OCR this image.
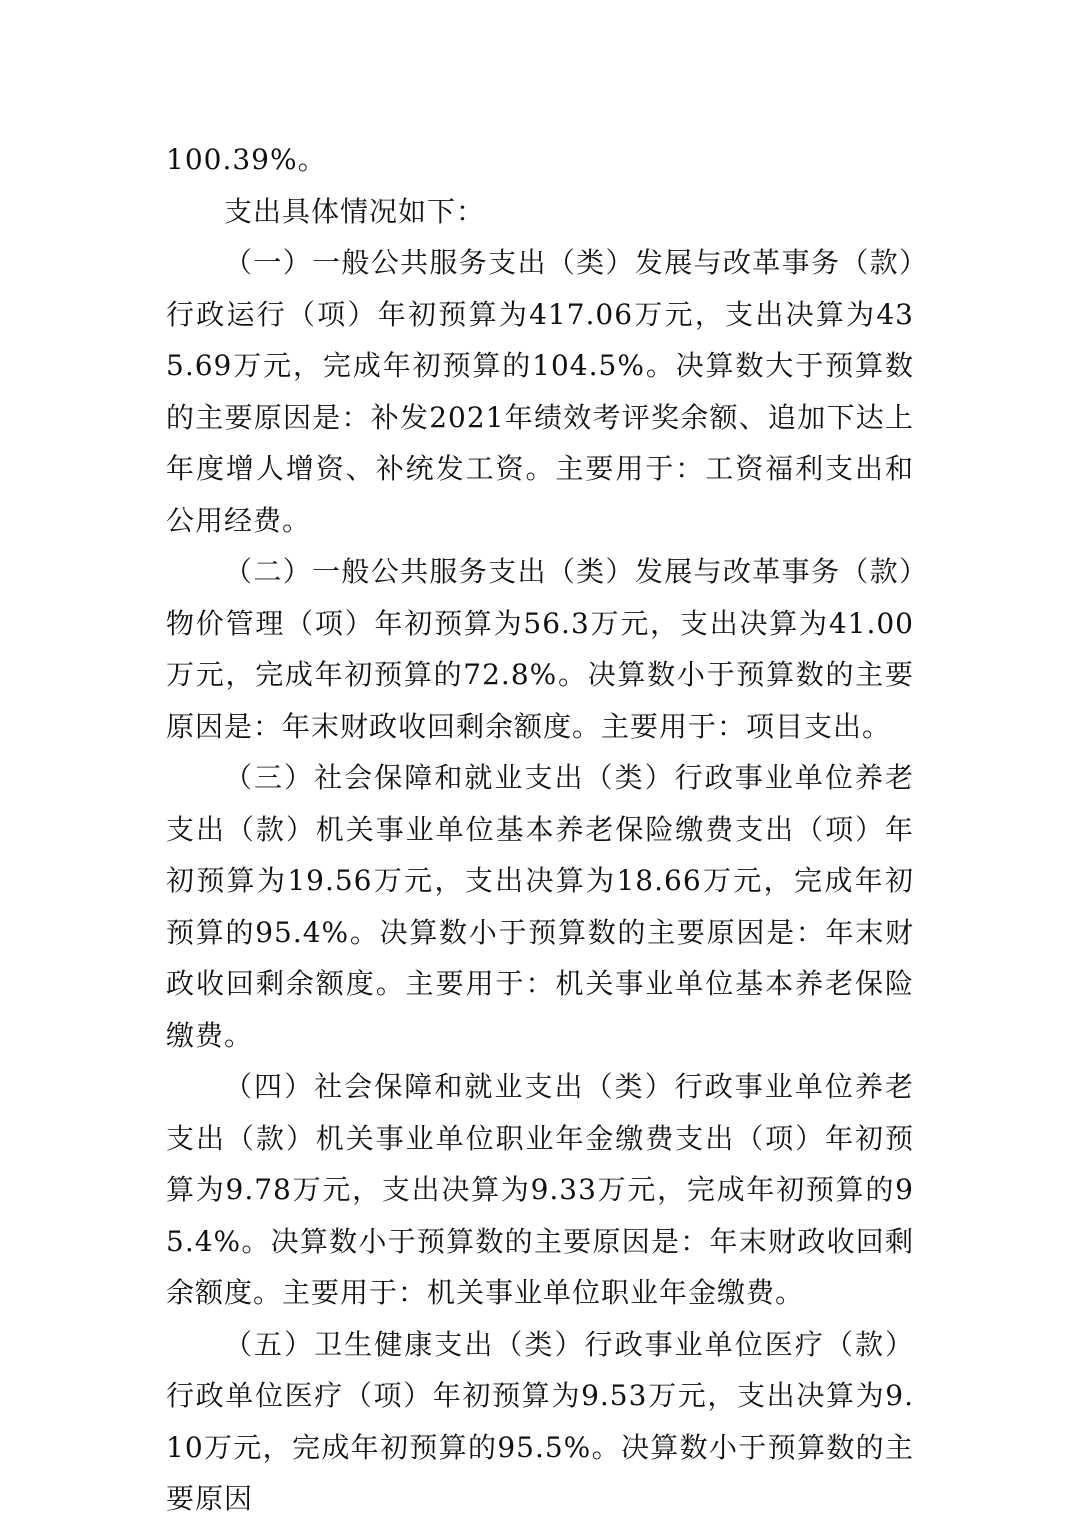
100.39%。

支出具体情况如下：

（一）一般公共服务支出（类）发展与改革事务（款）行政运行（项）年初预算为417.06万元，支出决算为435.69万元，完成年初预算的104.5%。决算数大于预算数的主要原因是：补发2021年绩效考评奖余额、追加下达上年度增人增资、补统发工资。主要用于：工资福利支出和公用经费。

（二）一般公共服务支出（类）发展与改革事务（款）物价管理（项）年初预算为56.3万元，支出决算为41.00万元，完成年初预算的72.8%。决算数小于预算数的主要原因是：年末财政收回剩余额度。主要用于：项目支出。

（三）社会保障和就业支出（类）行政事业单位养老支出（款）机关事业单位基本养老保险缴费支出（项）年初预算为19.56万元，支出决算为18.66万元，完成年初预算的95.4%。决算数小于预算数的主要原因是：年末财政收回剩余额度。主要用于：机关事业单位基本养老保险缴费。

（四）社会保障和就业支出（类）行政事业单位养老支出（款）机关事业单位职业年金缴费支出（项）年初预算为9.78万元，支出决算为9.33万元，完成年初预算的95.4%。决算数小于预算数的主要原因是：年末财政收回剩余额度。主要用于：机关事业单位职业年金缴费。

（五）卫生健康支出（类）行政事业单位医疗（款）行政单位医疗（项）年初预算为9.53万元，支出决算为9.10万元，完成年初预算的95.5%。决算数小于预算数的主要原因
